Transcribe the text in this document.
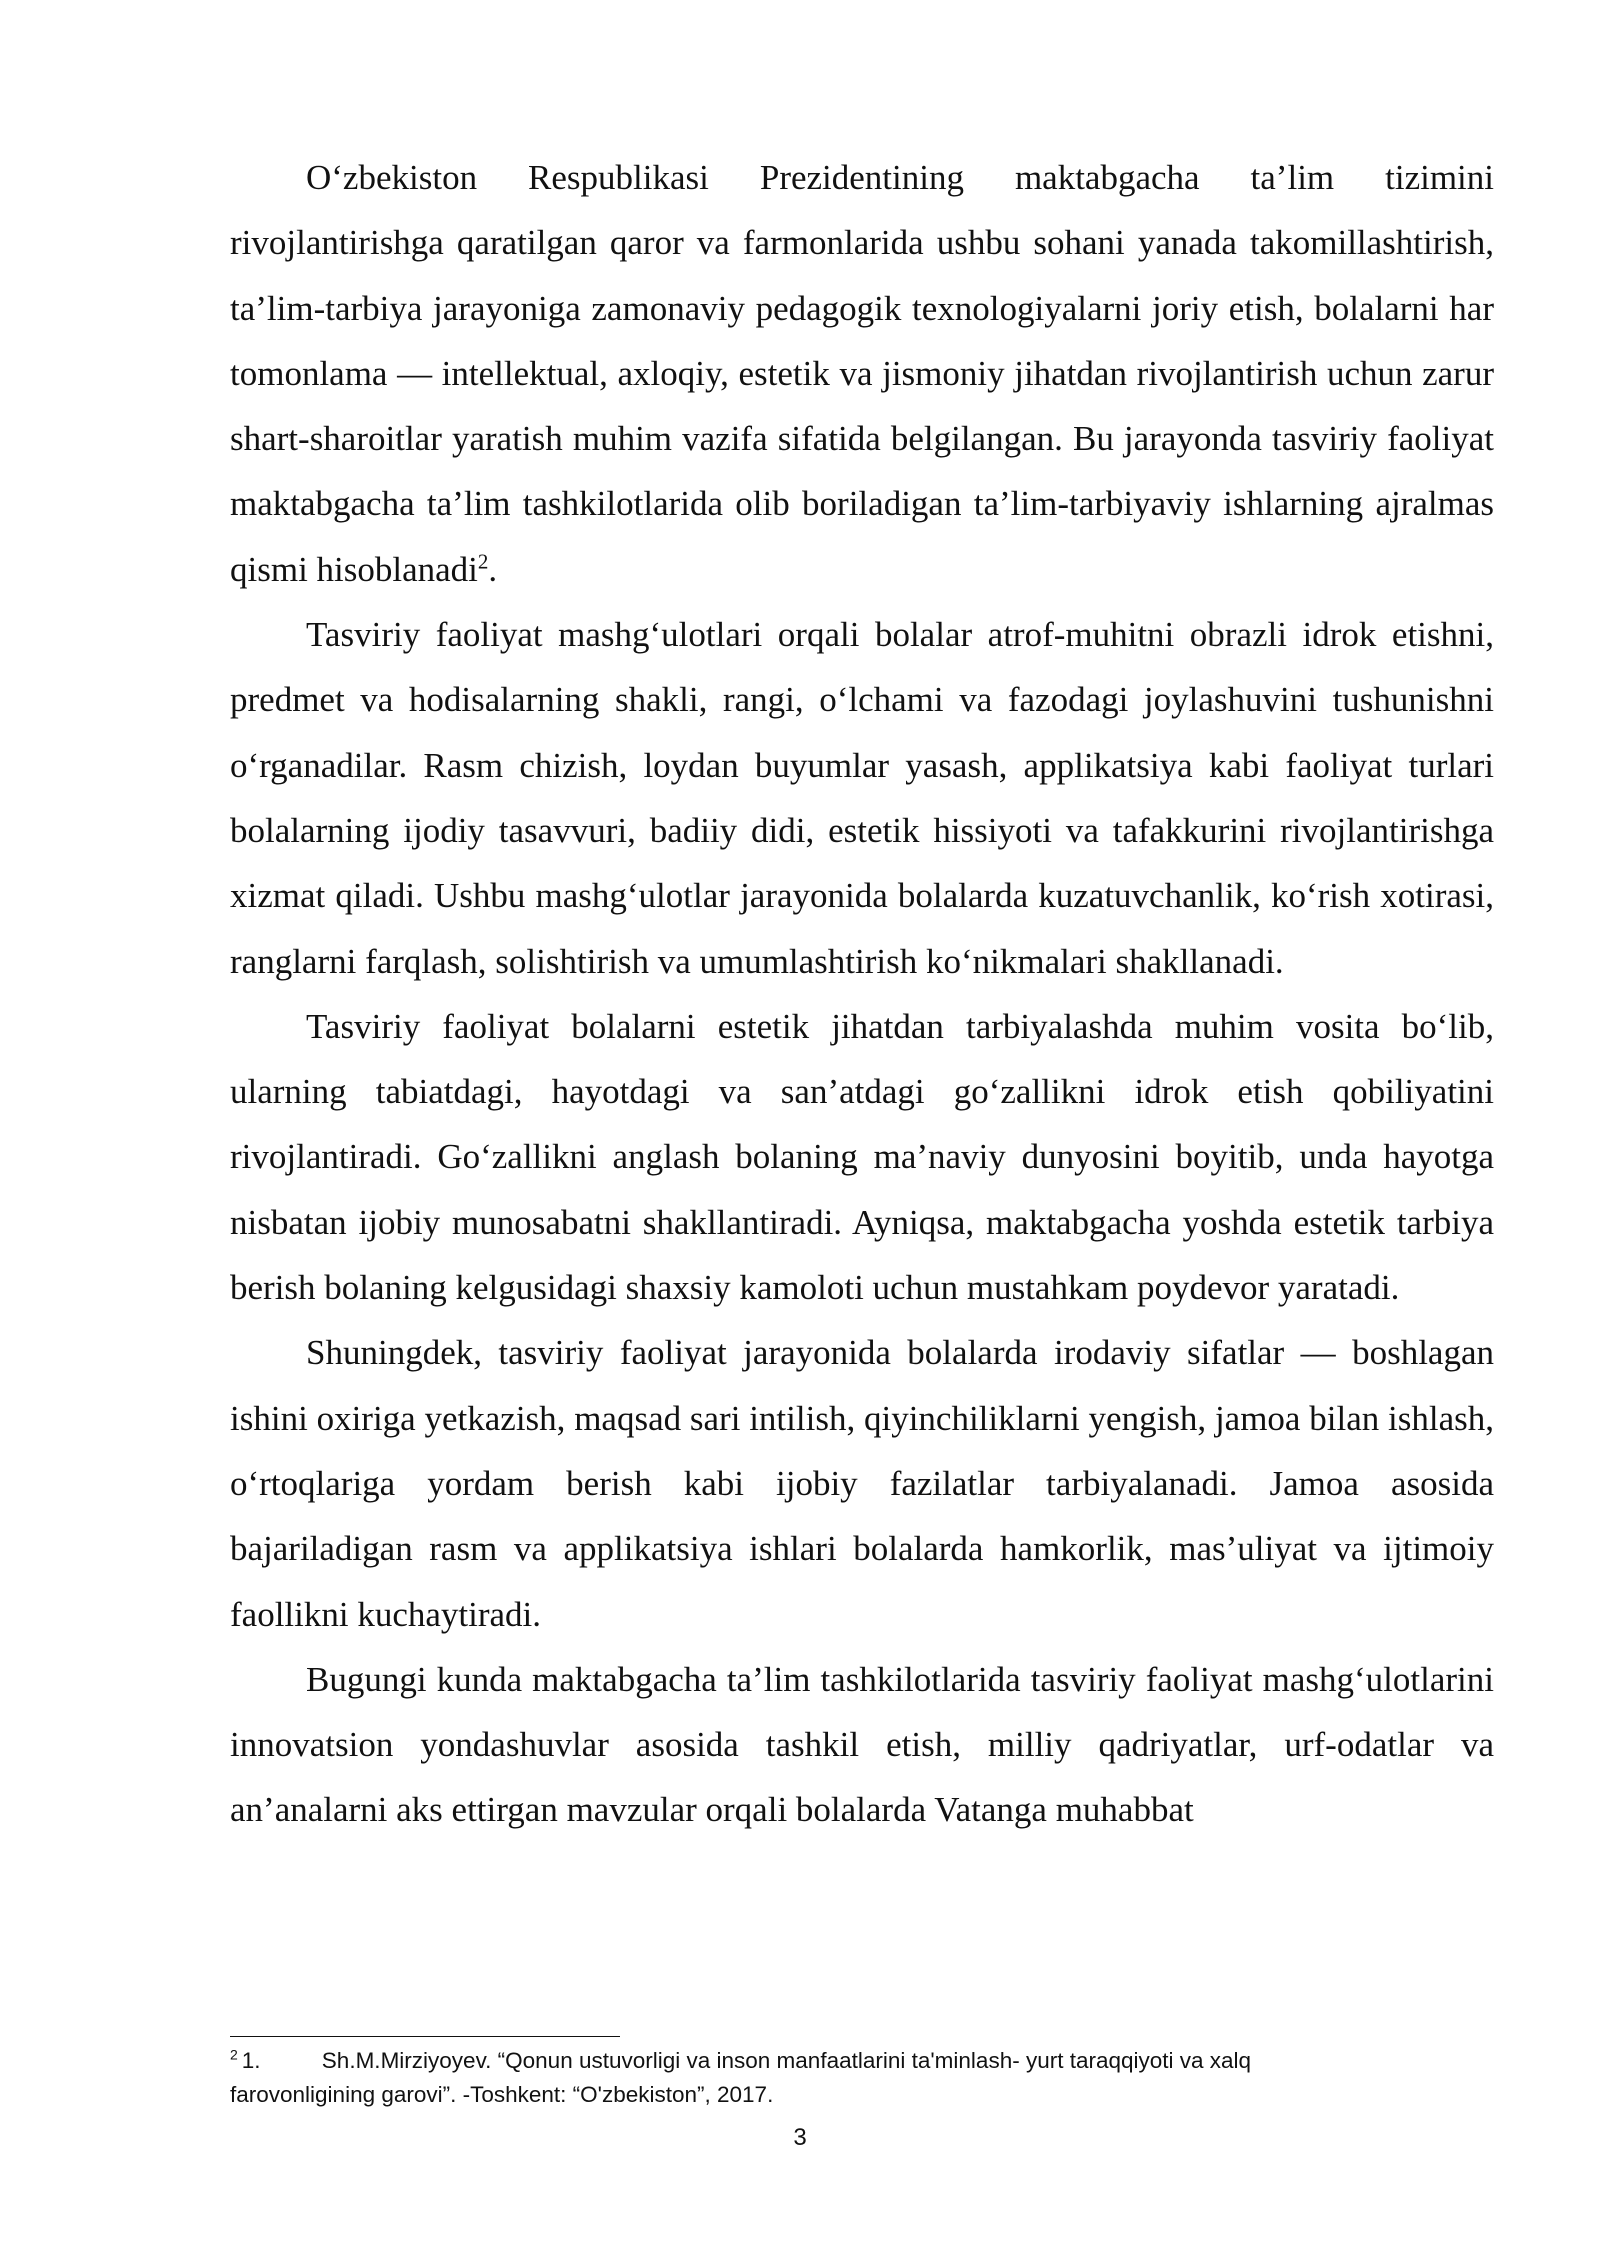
O‘zbekiston Respublikasi Prezidentining maktabgacha ta’lim tizimini rivojlantirishga qaratilgan qaror va farmonlarida ushbu sohani yanada takomillashtirish, ta’lim-tarbiya jarayoniga zamonaviy pedagogik texnologiyalarni joriy etish, bolalarni har tomonlama — intellektual, axloqiy, estetik va jismoniy jihatdan rivojlantirish uchun zarur shart-sharoitlar yaratish muhim vazifa sifatida belgilangan. Bu jarayonda tasviriy faoliyat maktabgacha ta’lim tashkilotlarida olib boriladigan ta’lim-tarbiyaviy ishlarning ajralmas qismi hisoblanadi$^2$.

Tasviriy faoliyat mashg‘ulotlari orqali bolalar atrof-muhitni obrazli idrok etishni, predmet va hodisalarning shakli, rangi, o‘lchami va fazodagi joylashuvini tushunishni o‘rganadilar. Rasm chizish, loydan buyumlar yasash, applikatsiya kabi faoliyat turlari bolalarning ijodiy tasavvuri, badiiy didi, estetik hissiyoti va tafakkurini rivojlantirishga xizmat qiladi. Ushbu mashg‘ulotlar jarayonida bolalarda kuzatuvchanlik, ko‘rish xotirasi, ranglarni farqlash, solishtirish va umumlashtirish ko‘nikmalari shakllanadi.

Tasviriy faoliyat bolalarni estetik jihatdan tarbiyalashda muhim vosita bo‘lib, ularning tabiatdagi, hayotdagi va san’atdagi go‘zallikni idrok etish qobiliyatini rivojlantiradi. Go‘zallikni anglash bolaning ma’naviy dunyosini boyitib, unda hayotga nisbatan ijobiy munosabatni shakllantiradi. Ayniqsa, maktabgacha yoshda estetik tarbiya berish bolaning kelgusidagi shaxsiy kamoloti uchun mustahkam poydevor yaratadi.

Shuningdek, tasviriy faoliyat jarayonida bolalarda irodaviy sifatlar — boshlagan ishini oxiriga yetkazish, maqsad sari intilish, qiyinchiliklarni yengish, jamoa bilan ishlash, o‘rtoqlariga yordam berish kabi ijobiy fazilatlar tarbiyalanadi. Jamoa asosida bajariladigan rasm va applikatsiya ishlari bolalarda hamkorlik, mas’uliyat va ijtimoiy faollikni kuchaytiradi.

Bugungi kunda maktabgacha ta’lim tashkilotlarida tasviriy faoliyat mashg‘ulotlarini innovatsion yondashuvlar asosida tashkil etish, milliy qadriyatlar, urf-odatlar va an’analarni aks ettirgan mavzular orqali bolalarda Vatanga muhabbat

$^2$ 1.	Sh.M.Mirziyoyev. “Qonun ustuvorligi va inson manfaatlarini ta'minlash- yurt taraqqiyoti va xalq farovonligining garovi”. -Toshkent: “O'zbekiston”, 2017.
3
